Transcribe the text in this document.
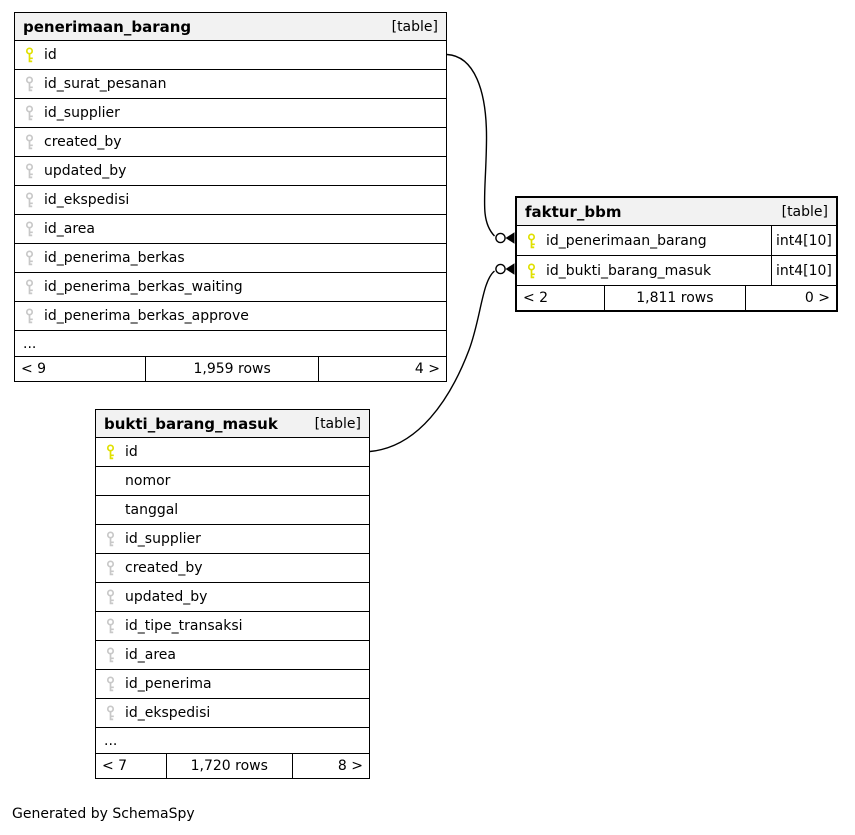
penerimaan_barang	[table]
id
id_surat_pesanan
id_supplier
created_by
updated_by
id_ekspedisi
id_area
id_penerima_berkas
id_penerima_berkas_waiting
id_penerima_berkas_approve
...
< 9	1,959 rows	4 >
faktur_bbm	[table]
id_penerimaan_barang	int4[10]
id_bukti_barang_masuk	int4[10]
< 2	1,811 rows	0 >
bukti_barang_masuk	[table]
id
nomor
tanggal
id_supplier
created_by
updated_by
id_tipe_transaksi
id_area
id_penerima
id_ekspedisi
...
< 7	1,720 rows	8 >
Generated by SchemaSpy
